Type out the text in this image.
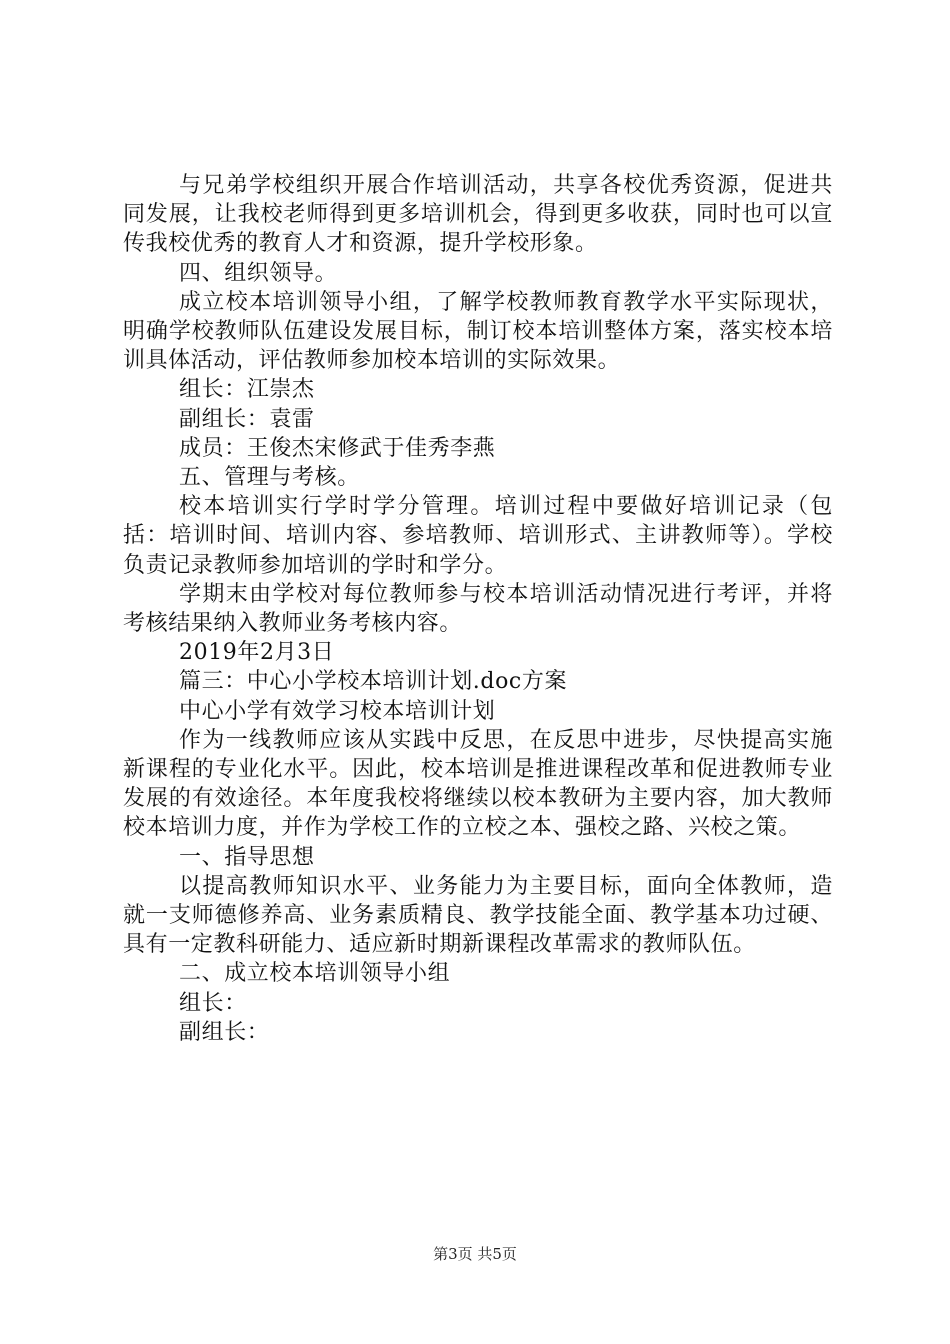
与兄弟学校组织开展合作培训活动，共享各校优秀资源，促进共同发展，让我校老师得到更多培训机会，得到更多收获，同时也可以宣传我校优秀的教育人才和资源，提升学校形象。

四、组织领导。

成立校本培训领导小组，了解学校教师教育教学水平实际现状，明确学校教师队伍建设发展目标，制订校本培训整体方案，落实校本培训具体活动，评估教师参加校本培训的实际效果。

组长：江崇杰

副组长：袁雷

成员：王俊杰宋修武于佳秀李燕

五、管理与考核。

校本培训实行学时学分管理。培训过程中要做好培训记录（包括：培训时间、培训内容、参培教师、培训形式、主讲教师等）。学校负责记录教师参加培训的学时和学分。

学期末由学校对每位教师参与校本培训活动情况进行考评，并将考核结果纳入教师业务考核内容。

2019年2月3日

篇三：中心小学校本培训计划.doc方案

中心小学有效学习校本培训计划

作为一线教师应该从实践中反思，在反思中进步，尽快提高实施新课程的专业化水平。因此，校本培训是推进课程改革和促进教师专业发展的有效途径。本年度我校将继续以校本教研为主要内容，加大教师校本培训力度，并作为学校工作的立校之本、强校之路、兴校之策。

一、指导思想

以提高教师知识水平、业务能力为主要目标，面向全体教师，造就一支师德修养高、业务素质精良、教学技能全面、教学基本功过硬、具有一定教科研能力、适应新时期新课程改革需求的教师队伍。

二、成立校本培训领导小组

组长：

副组长：

第3页 共5页
